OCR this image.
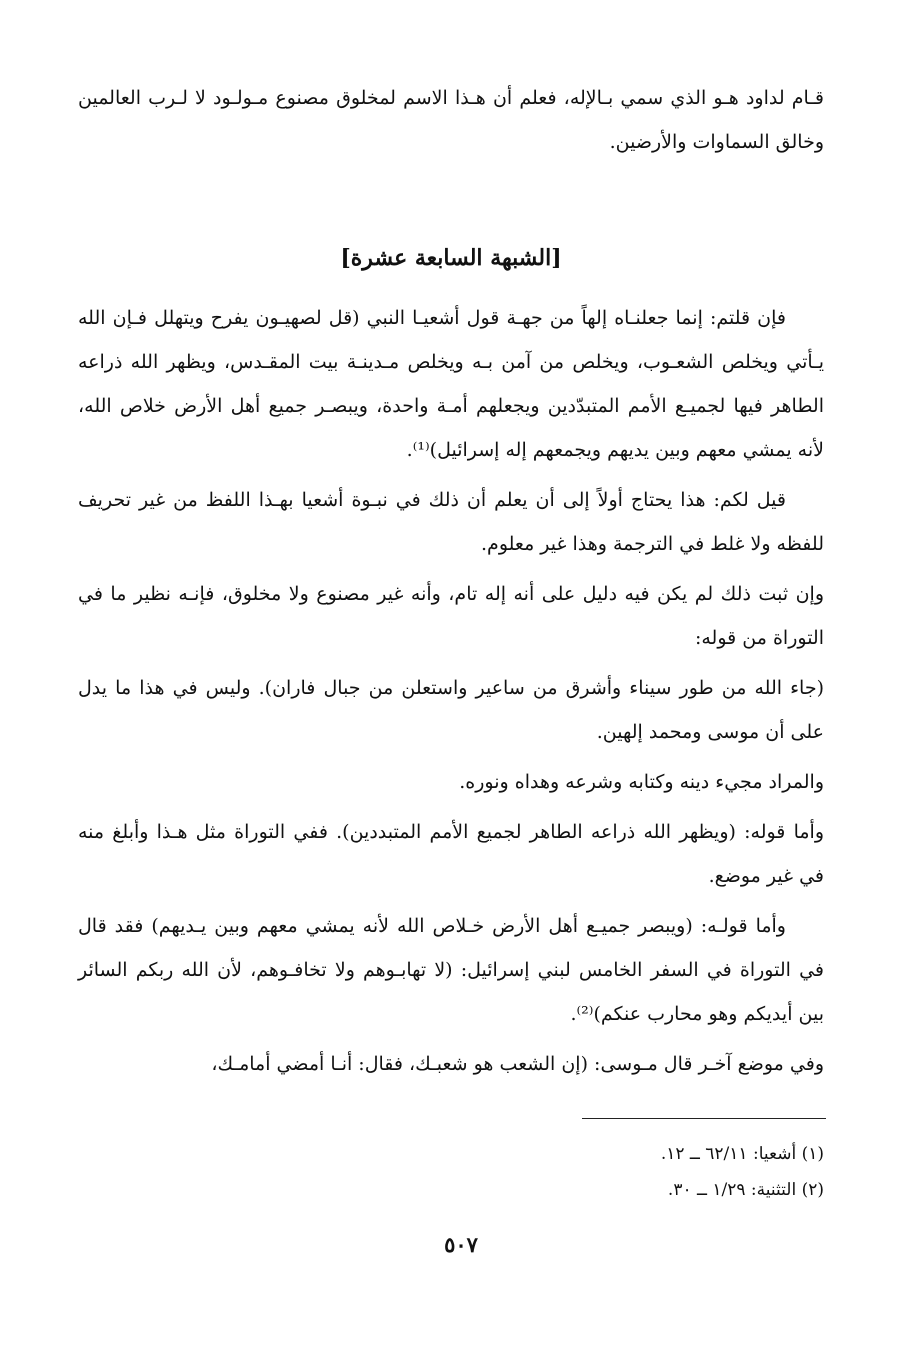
قـام لداود هـو الذي سمي بـالإله، فعلم أن هـذا الاسم لمخلوق مصنوع مـولـود لا لـرب العالمين وخالق السماوات والأرضين.

[الشبهة السابعة عشرة]

فإن قلتم: إنما جعلنـاه إلهاً من جهـة قول أشعيـا النبي (قل لصهيـون يفرح ويتهلل فـإن الله يـأتي ويخلص الشعـوب، ويخلص من آمن بـه ويخلص مـدينـة بيت المقـدس، ويظهر الله ذراعه الطاهر فيها لجميـع الأمم المتبدّدين ويجعلهم أمـة واحدة، ويبصـر جميع أهل الأرض خلاص الله، لأنه يمشي معهم وبين يديهم ويجمعهم إله إسرائيل)⁽¹⁾.

قيل لكم: هذا يحتاج أولاً إلى أن يعلم أن ذلك في نبـوة أشعيا بهـذا اللفظ من غير تحريف للفظه ولا غلط في الترجمة وهذا غير معلوم.

وإن ثبت ذلك لم يكن فيه دليل على أنه إله تام، وأنه غير مصنوع ولا مخلوق، فإنـه نظير ما في التوراة من قوله:

(جاء الله من طور سيناء وأشرق من ساعير واستعلن من جبال فاران). وليس في هذا ما يدل على أن موسى ومحمد إلهين.

والمراد مجيء دينه وكتابه وشرعه وهداه ونوره.

وأما قوله: (ويظهر الله ذراعه الطاهر لجميع الأمم المتبددين). ففي التوراة مثل هـذا وأبلغ منه في غير موضع.

وأما قولـه: (ويبصر جميـع أهل الأرض خـلاص الله لأنه يمشي معهم وبين يـديهم) فقد قال في التوراة في السفر الخامس لبني إسرائيل: (لا تهابـوهم ولا تخافـوهم، لأن الله ربكم السائر بين أيديكم وهو محارب عنكم)⁽²⁾.

وفي موضع آخـر قال مـوسى: (إن الشعب هو شعبـك، فقال: أنـا أمضي أمامـك،

(١) أشعيا: ٦٢/١١ ــ ١٢.
(٢) التثنية: ١/٢٩ ــ ٣٠.
٥٠٧
